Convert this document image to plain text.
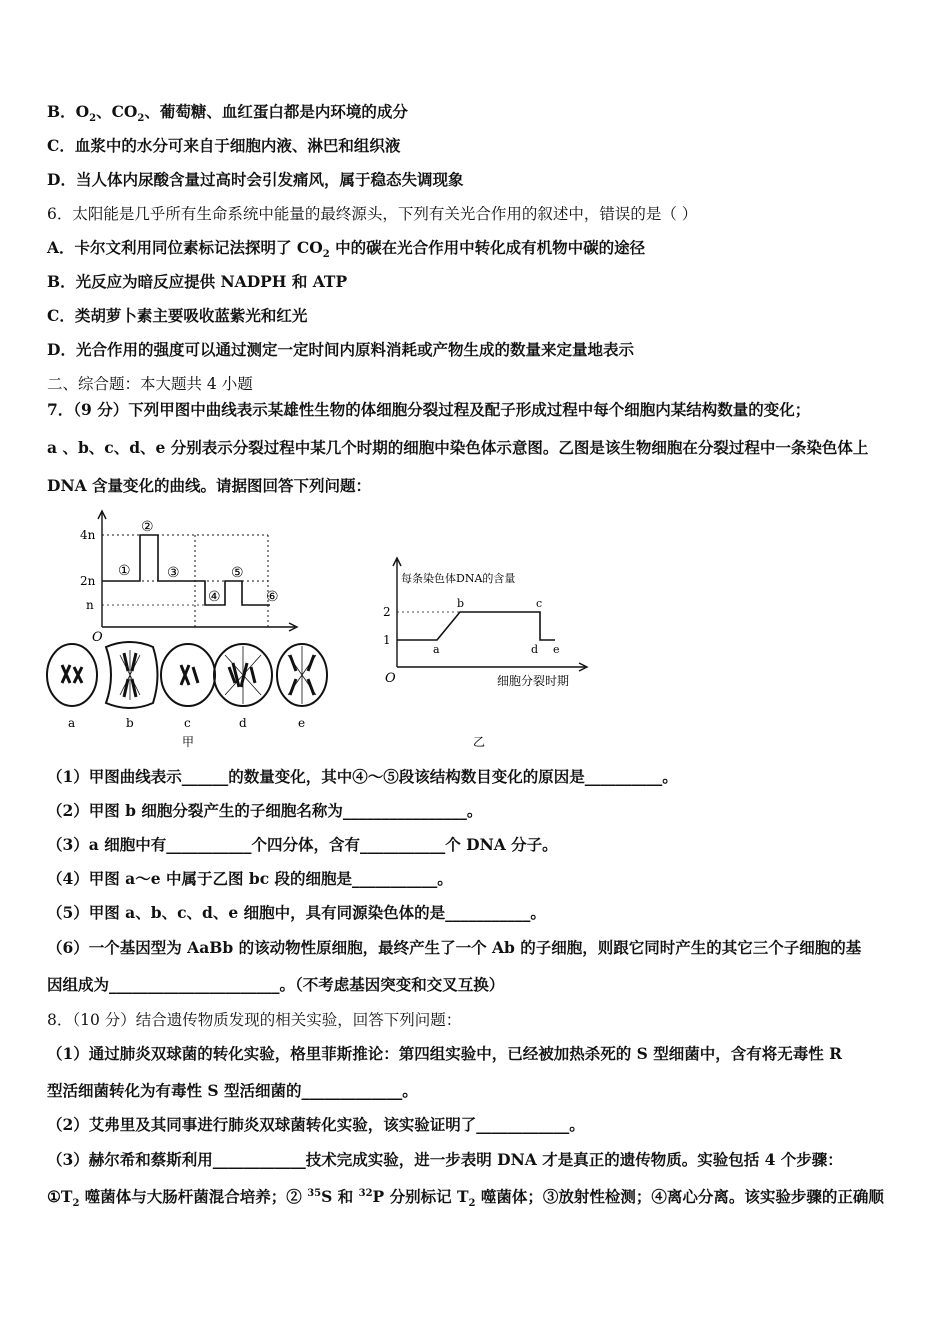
B．$O_2$、$CO_2$、葡萄糖、血红蛋白都是内环境的成分
C．血浆中的水分可来自于细胞内液、淋巴和组织液
D．当人体内尿酸含量过高时会引发痛风，属于稳态失调现象
6．太阳能是几乎所有生命系统中能量的最终源头，下列有关光合作用的叙述中，错误的是（ ）
A．卡尔文利用同位素标记法探明了 $CO_2$ 中的碳在光合作用中转化成有机物中碳的途径
B．光反应为暗反应提供 NADPH 和 ATP
C．类胡萝卜素主要吸收蓝紫光和红光
D．光合作用的强度可以通过测定一定时间内原料消耗或产物生成的数量来定量地表示
二、综合题：本大题共 4 小题
7．（9 分）下列甲图中曲线表示某雄性生物的体细胞分裂过程及配子形成过程中每个细胞内某结构数量的变化；
a 、b、c、d、e 分别表示分裂过程中某几个时期的细胞中染色体示意图。乙图是该生物细胞在分裂过程中一条染色体上
DNA 含量变化的曲线。请据图回答下列问题：
4n
2n
n
O
①
②
③
④
⑤
⑥
a	b	c	d	e
甲
每条染色体DNA的含量
细胞分裂时期
O
2
1
a
b	c
d e
乙
（1）甲图曲线表示______的数量变化，其中④～⑤段该结构数目变化的原因是__________。
（2）甲图 b 细胞分裂产生的子细胞名称为________________。
（3）a 细胞中有___________个四分体，含有___________个 DNA 分子。
（4）甲图 a～e 中属于乙图 bc 段的细胞是___________。
（5）甲图 a、b、c、d、e 细胞中，具有同源染色体的是___________。
（6）一个基因型为 AaBb 的该动物性原细胞，最终产生了一个 Ab 的子细胞，则跟它同时产生的其它三个子细胞的基
因组成为______________________。（不考虑基因突变和交叉互换）
8．（10 分）结合遗传物质发现的相关实验，回答下列问题：
（1）通过肺炎双球菌的转化实验，格里菲斯推论：第四组实验中，已经被加热杀死的 S 型细菌中，含有将无毒性 R
型活细菌转化为有毒性 S 型活细菌的_____________。
（2）艾弗里及其同事进行肺炎双球菌转化实验，该实验证明了____________。
（3）赫尔希和蔡斯利用____________技术完成实验，进一步表明 DNA 才是真正的遗传物质。实验包括 4 个步骤：
$①T_2$ 噬菌体与大肠杆菌混合培养；② $^{35}$S 和 $^{32}$P 分别标记 $T_2$ 噬菌体；③放射性检测；④离心分离。该实验步骤的正确顺
